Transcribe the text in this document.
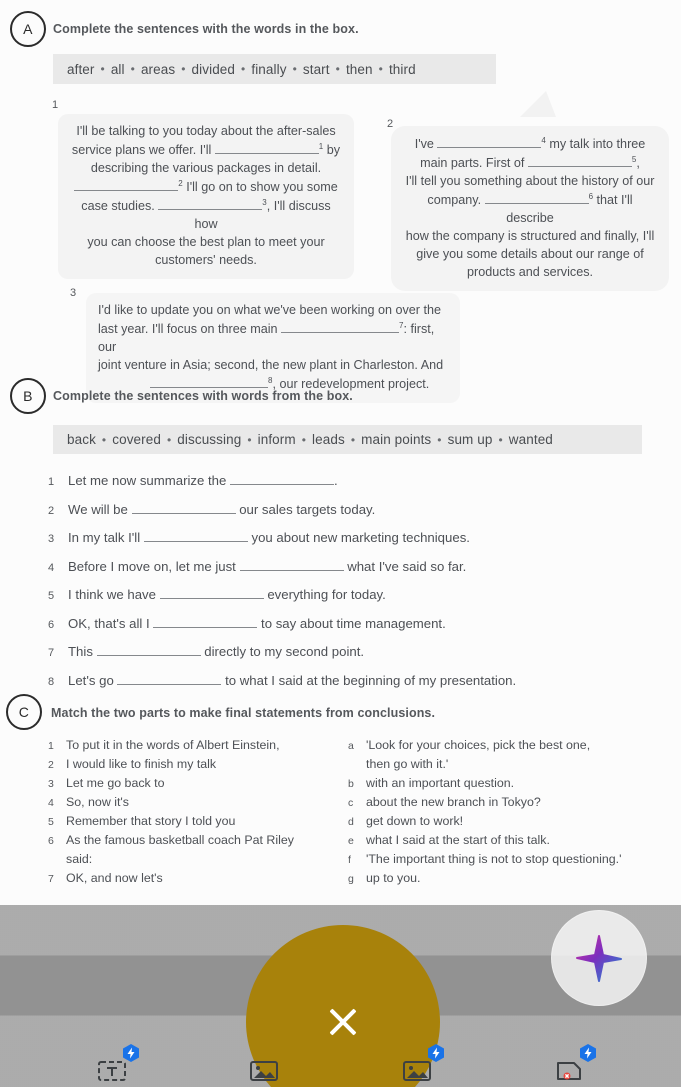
A	Complete the sentences with the words in the box.
after • all • areas • divided • finally • start • then • third
1
I'll be talking to you today about the after-sales
service plans we offer. I'll	$^1$ by
describing the various packages in detail.
$^2$ I'll go on to show you some
case studies.	$^3$, I'll discuss how
you can choose the best plan to meet your
customers' needs.
2
I've	$^4$ my talk into three
main parts. First of	$^5$,
I'll tell you something about the history of our
company.	$^6$ that I'll describe
how the company is structured and finally, I'll
give you some details about our range of
products and services.
3
I'd like to update you on what we've been working on over the
last year. I'll focus on three main	$^7$: first, our
joint venture in Asia; second, the new plant in Charleston. And
$^8$, our redevelopment project.
B	Complete the sentences with words from the box.
back • covered • discussing • inform • leads • main points • sum up • wanted
1	Let me now summarize the	.
2	We will be	our sales targets today.
3	In my talk I'll	you about new marketing techniques.
4	Before I move on, let me just	what I've said so far.
5	I think we have	everything for today.
6	OK, that's all I	to say about time management.
7	This	directly to my second point.
8	Let's go	to what I said at the beginning of my presentation.
C	Match the two parts to make final statements from conclusions.
1 To put it in the words of Albert Einstein,
2 I would like to finish my talk
3 Let me go back to
4 So, now it's
5 Remember that story I told you
6 As the famous basketball coach Pat Riley
said:
7 OK, and now let's
a 'Look for your choices, pick the best one,
then go with it.'
b with an important question.
c	about the new branch in Tokyo?
d get down to work!
e what I said at the start of this talk.
f	'The important thing is not to stop questioning.'
g up to you.
